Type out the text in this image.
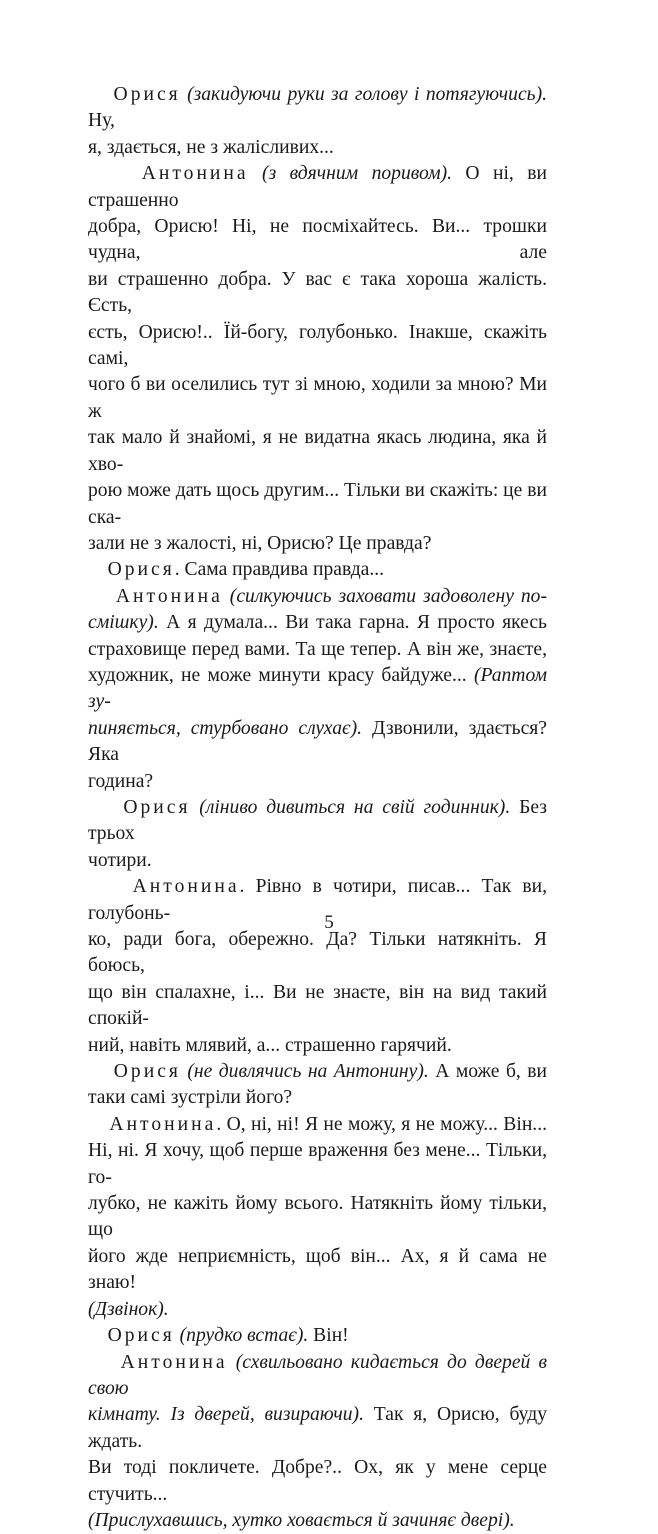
Орися (закидуючи руки за голову і потягуючись). Ну,

я, здається, не з жалісливих...

Антонина (з вдячним поривом). О ні, ви страшенно

добра, Орисю! Ні, не посміхайтесь. Ви... трошки чудна, але

ви страшенно добра. У вас є така хороша жалість. Єсть,

єсть, Орисю!.. Їй-богу, голубонько. Інакше, скажіть самі,

чого б ви оселились тут зі мною, ходили за мною? Ми ж

так мало й знайомі, я не видатна якась людина, яка й хво-

рою може дать щось другим... Тільки ви скажіть: це ви ска-

зали не з жалості, ні, Орисю? Це правда?

Орися. Сама правдива правда...

Антонина (силкуючись заховати задоволену по-

смішку). А я думала... Ви така гарна. Я просто якесь

страховище перед вами. Та ще тепер. А він же, знаєте,

художник, не може минути красу байдуже... (Раптом зу-

пиняється, стурбовано слухає). Дзвонили, здається? Яка

година?

Орися (ліниво дивиться на свій годинник). Без трьох

чотири.

Антонина. Рівно в чотири, писав... Так ви, голубонь-

ко, ради бога, обережно. Да? Тільки натякніть. Я боюсь,

що він спалахне, і... Ви не знаєте, він на вид такий спокій-

ний, навіть млявий, а... страшенно гарячий.

Орися (не дивлячись на Антонину). А може б, ви

таки самі зустріли його?

Антонина. О, ні, ні! Я не можу, я не можу... Він...

Ні, ні. Я хочу, щоб перше враження без мене... Тільки, го-

лубко, не кажіть йому всього. Натякніть йому тільки, що

його жде неприємність, щоб він... Ах, я й сама не знаю!

(Дзвінок).

Орися (прудко встає). Він!

Антонина (схвильовано кидається до дверей в свою

кімнату. Із дверей, визираючи). Так я, Орисю, буду ждать.

Ви тоді покличете. Добре?.. Ох, як у мене серце стучить...

(Прислухавшись, хутко ховається й зачиняє двері).

5
